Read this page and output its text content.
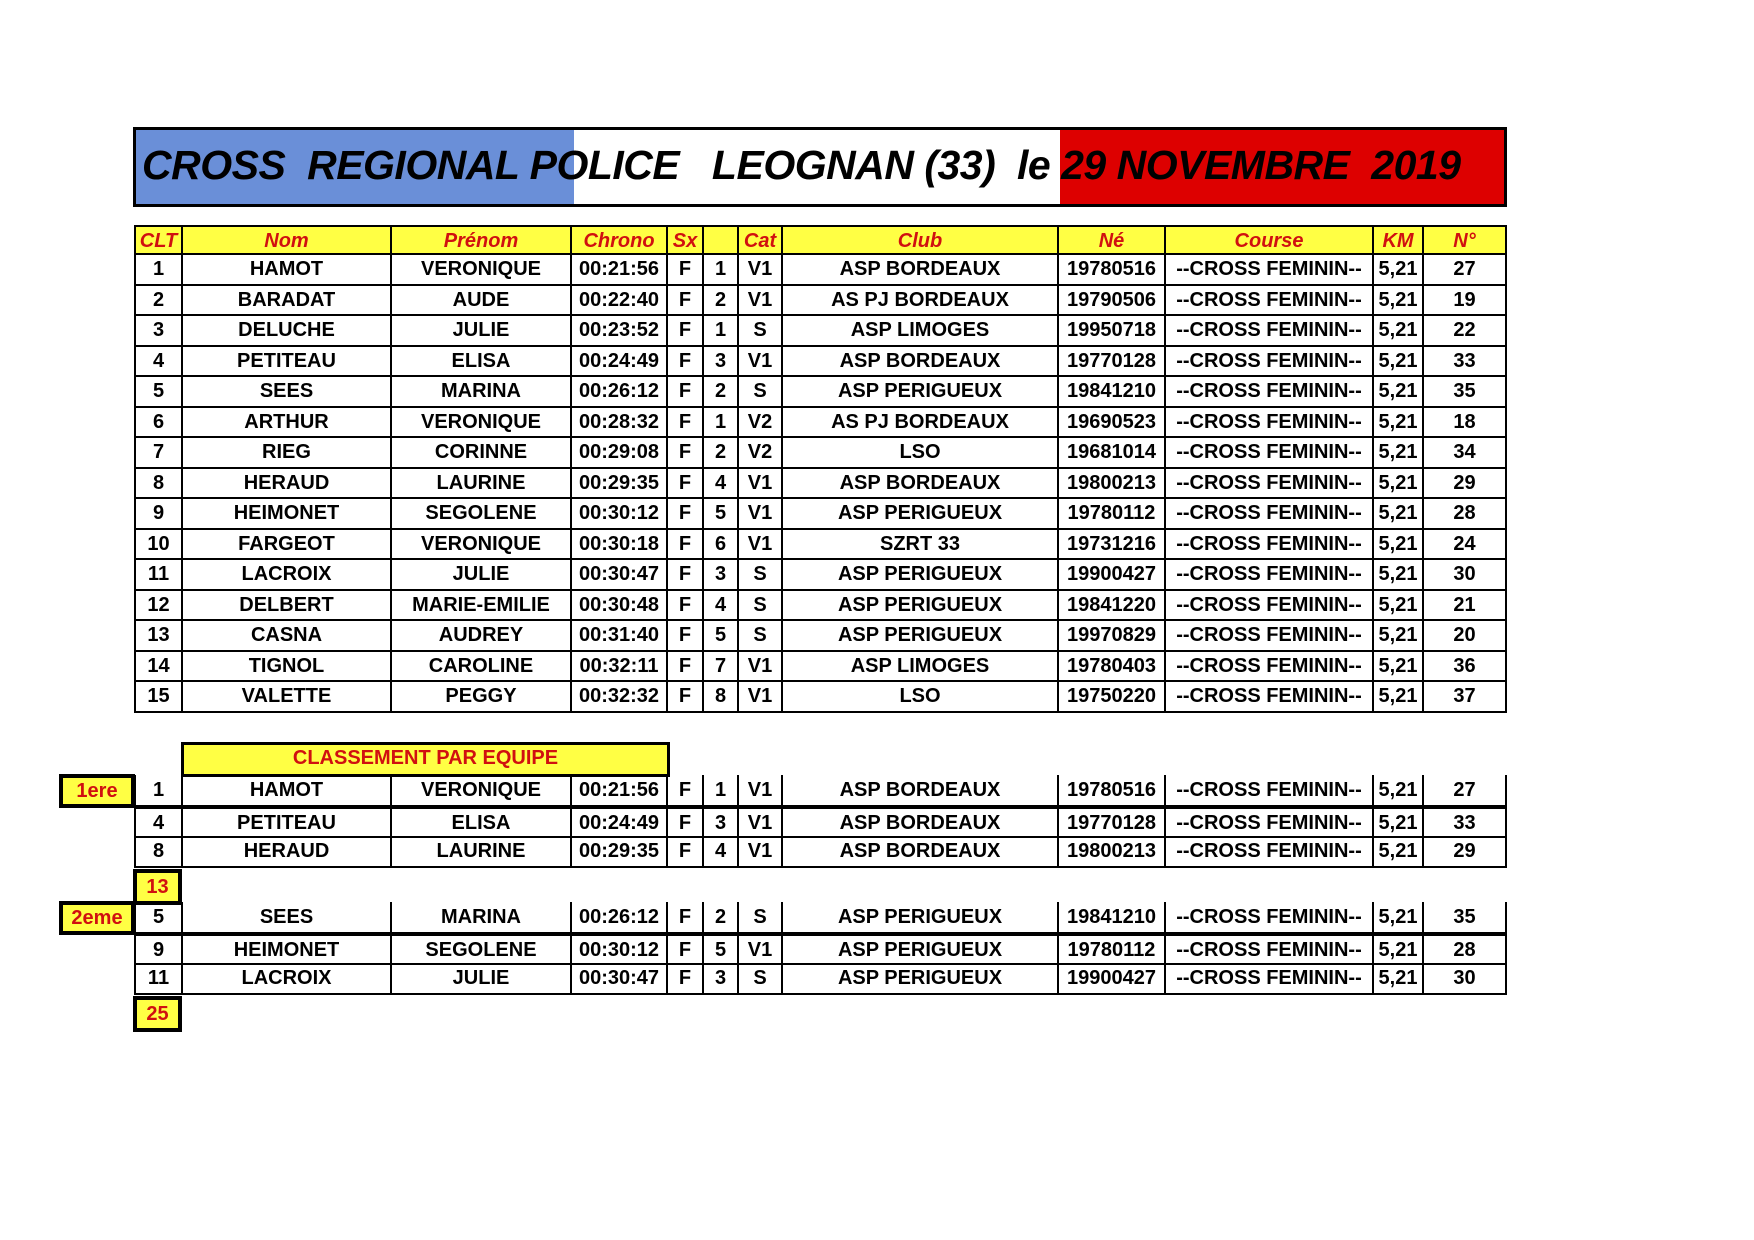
CROSS  REGIONAL POLICE   LEOGNAN (33)  le 29 NOVEMBRE  2019
CLT	Nom	Prénom	Chrono Sx	Cat	Club	Né	Course	KM	N°
1	HAMOT	VERONIQUE	00:21:56 F	1	V1	ASP BORDEAUX	19780516	--CROSS FEMININ-- 5,21	27
2	BARADAT	AUDE	00:22:40 F	2	V1	AS PJ BORDEAUX	19790506	--CROSS FEMININ-- 5,21	19
3	DELUCHE	JULIE	00:23:52 F	1	S	ASP LIMOGES	19950718	--CROSS FEMININ-- 5,21	22
4	PETITEAU	ELISA	00:24:49 F	3	V1	ASP BORDEAUX	19770128	--CROSS FEMININ-- 5,21	33
5	SEES	MARINA	00:26:12 F	2	S	ASP PERIGUEUX	19841210	--CROSS FEMININ-- 5,21	35
6	ARTHUR	VERONIQUE	00:28:32 F	1	V2	AS PJ BORDEAUX	19690523	--CROSS FEMININ-- 5,21	18
7	RIEG	CORINNE	00:29:08 F	2	V2	LSO	19681014	--CROSS FEMININ-- 5,21	34
8	HERAUD	LAURINE	00:29:35 F	4	V1	ASP BORDEAUX	19800213	--CROSS FEMININ-- 5,21	29
9	HEIMONET	SEGOLENE	00:30:12 F	5	V1	ASP PERIGUEUX	19780112	--CROSS FEMININ-- 5,21	28
10	FARGEOT	VERONIQUE	00:30:18 F	6	V1	SZRT 33	19731216	--CROSS FEMININ-- 5,21	24
11	LACROIX	JULIE	00:30:47 F	3	S	ASP PERIGUEUX	19900427	--CROSS FEMININ-- 5,21	30
12	DELBERT	MARIE-EMILIE	00:30:48 F	4	S	ASP PERIGUEUX	19841220	--CROSS FEMININ-- 5,21	21
13	CASNA	AUDREY	00:31:40 F	5	S	ASP PERIGUEUX	19970829	--CROSS FEMININ-- 5,21	20
14	TIGNOL	CAROLINE	00:32:11	F	7	V1	ASP LIMOGES	19780403	--CROSS FEMININ-- 5,21	36
15	VALETTE	PEGGY	00:32:32 F	8	V1	LSO	19750220	--CROSS FEMININ-- 5,21	37
CLASSEMENT PAR EQUIPE
1ere	1	HAMOT	VERONIQUE	00:21:56 F	1	V1	ASP BORDEAUX	19780516	--CROSS FEMININ-- 5,21	27
4	PETITEAU	ELISA	00:24:49 F	3	V1	ASP BORDEAUX	19770128	--CROSS FEMININ-- 5,21	33
8	HERAUD	LAURINE	00:29:35 F	4	V1	ASP BORDEAUX	19800213	--CROSS FEMININ-- 5,21	29
13
2eme	5	SEES	MARINA	00:26:12 F	2	S	ASP PERIGUEUX	19841210	--CROSS FEMININ-- 5,21	35
9	HEIMONET	SEGOLENE	00:30:12 F	5	V1	ASP PERIGUEUX	19780112	--CROSS FEMININ-- 5,21	28
11	LACROIX	JULIE	00:30:47 F	3	S	ASP PERIGUEUX	19900427	--CROSS FEMININ-- 5,21	30
25
